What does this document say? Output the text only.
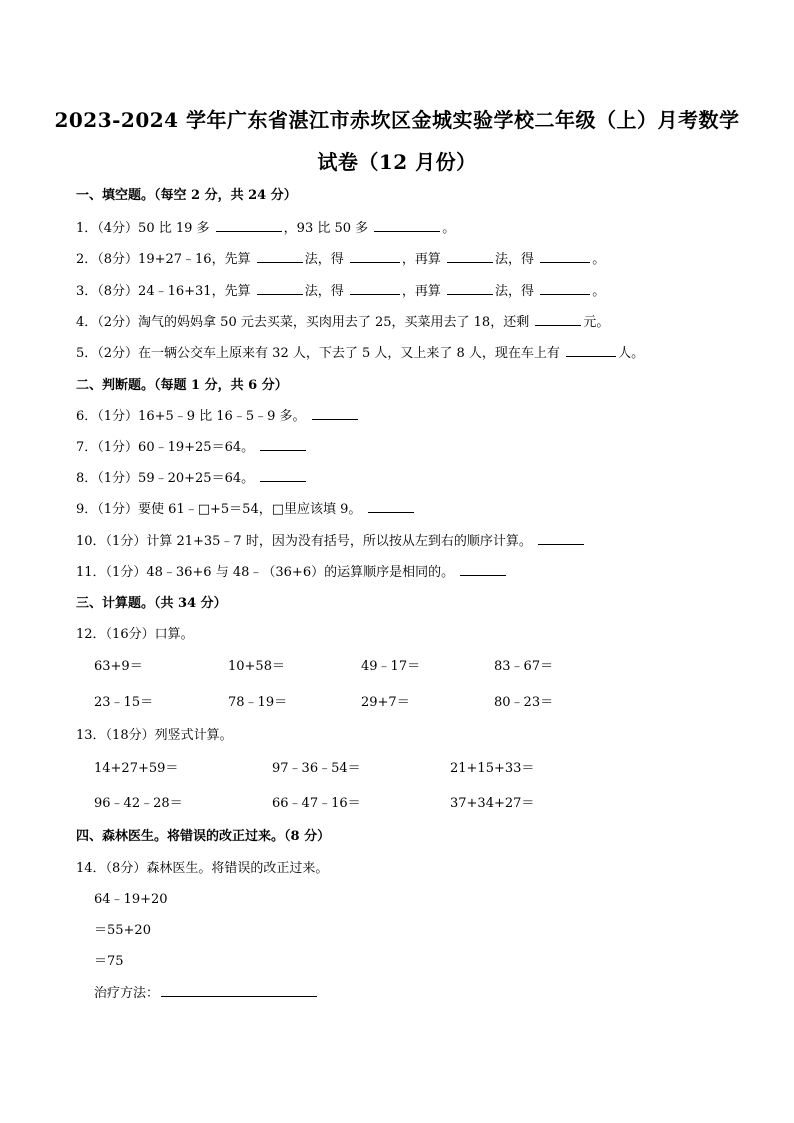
2023-2024 学年广东省湛江市赤坎区金城实验学校二年级（上）月考数学
试卷（12 月份）
一、填空题。（每空 2 分，共 24 分）
1．（4分）50 比 19 多	，93 比 50 多	。
2．（8分）19+27﹣16，先算	法，得	，再算	法，得	。
3．（8分）24﹣16+31，先算	法，得	，再算	法，得	。
4．（2分）淘气的妈妈拿 50 元去买菜，买肉用去了 25，买菜用去了 18，还剩	元。
5．（2分）在一辆公交车上原来有 32 人，下去了 5 人，又上来了 8 人，现在车上有	人。
二、判断题。（每题 1 分，共 6 分）
6．（1分）16+5﹣9 比 16﹣5﹣9 多。
7．（1分）60﹣19+25＝64。
8．（1分）59﹣20+25＝64。
9．（1分）要使 61﹣□+5＝54，□里应该填 9。
10．（1分）计算 21+35﹣7 时，因为没有括号，所以按从左到右的顺序计算。
11．（1分）48﹣36+6 与 48﹣（36+6）的运算顺序是相同的。
三、计算题。（共 34 分）
12．（16分）口算。
63+9＝	10+58＝	49﹣17＝	83﹣67＝
23﹣15＝	78﹣19＝	29+7＝	80﹣23＝
13．（18分）列竖式计算。
14+27+59＝	97﹣36﹣54＝	21+15+33＝
96﹣42﹣28＝	66﹣47﹣16＝	37+34+27＝
四、森林医生。将错误的改正过来。（8 分）
14．（8分）森林医生。将错误的改正过来。
64﹣19+20
＝55+20
＝75
治疗方法：
